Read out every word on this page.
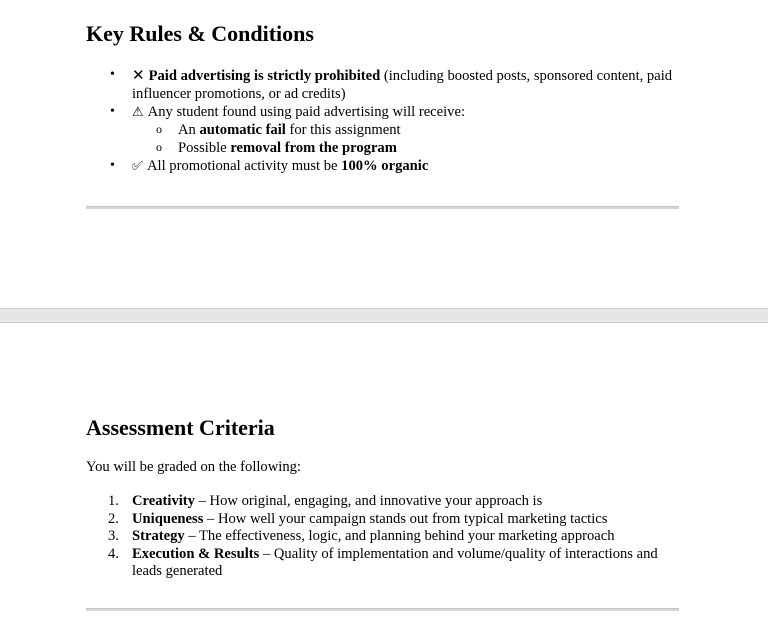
Key Rules & Conditions
• ✕ Paid advertising is strictly prohibited (including boosted posts, sponsored content, paid influencer promotions, or ad credits)
• ⚠︎ Any student found using paid advertising will receive:
o An automatic fail for this assignment
o Possible removal from the program
• ✅︎ All promotional activity must be 100% organic
Assessment Criteria

You will be graded on the following:

1. Creativity – How original, engaging, and innovative your approach is
2. Uniqueness – How well your campaign stands out from typical marketing tactics
3. Strategy – The effectiveness, logic, and planning behind your marketing approach
4. Execution & Results – Quality of implementation and volume/quality of interactions and leads generated
